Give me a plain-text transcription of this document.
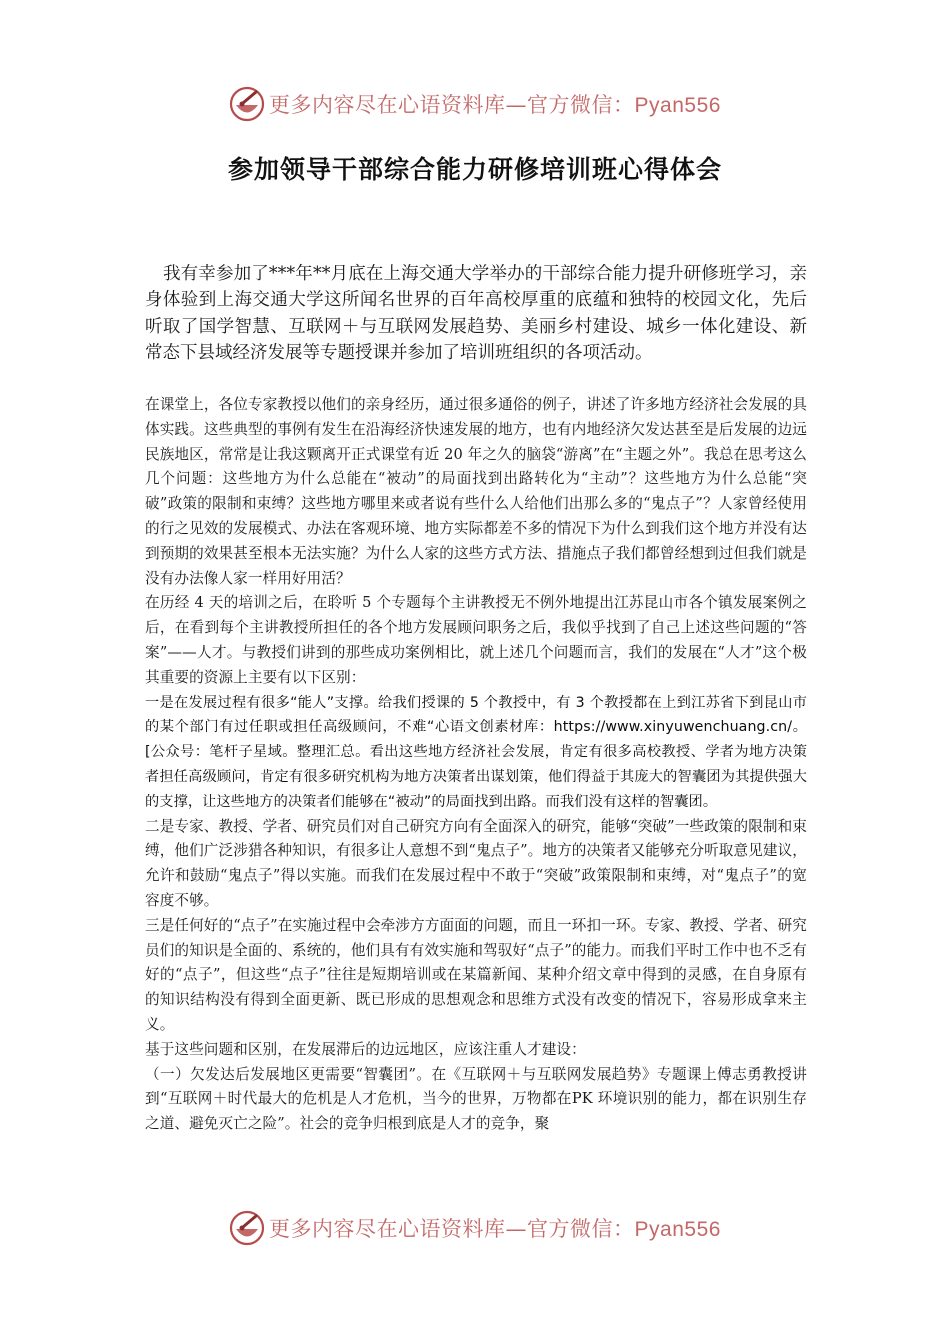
更多内容尽在心语资料库—官方微信：Pyan556
参加领导干部综合能力研修培训班心得体会

我有幸参加了***年**月底在上海交通大学举办的干部综合能力提升研修班学习，亲身体验到上海交通大学这所闻名世界的百年高校厚重的底蕴和独特的校园文化，先后听取了国学智慧、互联网＋与互联网发展趋势、美丽乡村建设、城乡一体化建设、新常态下县域经济发展等专题授课并参加了培训班组织的各项活动。

在课堂上，各位专家教授以他们的亲身经历，通过很多通俗的例子，讲述了许多地方经济社会发展的具体实践。这些典型的事例有发生在沿海经济快速发展的地方，也有内地经济欠发达甚至是后发展的边远民族地区，常常是让我这颗离开正式课堂有近 20 年之久的脑袋“游离”在“主题之外”。我总在思考这么几个问题：这些地方为什么总能在“被动”的局面找到出路转化为“主动”？这些地方为什么总能“突破”政策的限制和束缚？这些地方哪里来或者说有些什么人给他们出那么多的“鬼点子”？人家曾经使用的行之见效的发展模式、办法在客观环境、地方实际都差不多的情况下为什么到我们这个地方并没有达到预期的效果甚至根本无法实施？为什么人家的这些方式方法、措施点子我们都曾经想到过但我们就是没有办法像人家一样用好用活？

在历经 4 天的培训之后，在聆听 5 个专题每个主讲教授无不例外地提出江苏昆山市各个镇发展案例之后，在看到每个主讲教授所担任的各个地方发展顾问职务之后，我似乎找到了自己上述这些问题的“答案”——人才。与教授们讲到的那些成功案例相比，就上述几个问题而言，我们的发展在“人才”这个极其重要的资源上主要有以下区别：

一是在发展过程有很多“能人”支撑。给我们授课的 5 个教授中，有 3 个教授都在上到江苏省下到昆山市的某个部门有过任职或担任高级顾问，不难“心语文创素材库：https://www.xinyuwenchuang.cn/。[公众号：笔杆子星域。整理汇总。看出这些地方经济社会发展，肯定有很多高校教授、学者为地方决策者担任高级顾问，肯定有很多研究机构为地方决策者出谋划策，他们得益于其庞大的智囊团为其提供强大的支撑，让这些地方的决策者们能够在“被动”的局面找到出路。而我们没有这样的智囊团。

二是专家、教授、学者、研究员们对自己研究方向有全面深入的研究，能够“突破”一些政策的限制和束缚，他们广泛涉猎各种知识，有很多让人意想不到“鬼点子”。地方的决策者又能够充分听取意见建议，允许和鼓励“鬼点子”得以实施。而我们在发展过程中不敢于“突破”政策限制和束缚，对“鬼点子”的宽容度不够。

三是任何好的“点子”在实施过程中会牵涉方方面面的问题，而且一环扣一环。专家、教授、学者、研究员们的知识是全面的、系统的，他们具有有效实施和驾驭好“点子”的能力。而我们平时工作中也不乏有好的“点子”，但这些“点子”往往是短期培训或在某篇新闻、某种介绍文章中得到的灵感，在自身原有的知识结构没有得到全面更新、既已形成的思想观念和思维方式没有改变的情况下，容易形成拿来主义。

基于这些问题和区别，在发展滞后的边远地区，应该注重人才建设：

（一）欠发达后发展地区更需要“智囊团”。在《互联网＋与互联网发展趋势》专题课上傅志勇教授讲到“互联网＋时代最大的危机是人才危机，当今的世界，万物都在PK 环境识别的能力，都在识别生存之道、避免灭亡之险”。社会的竞争归根到底是人才的竞争，聚

更多内容尽在心语资料库—官方微信：Pyan556
